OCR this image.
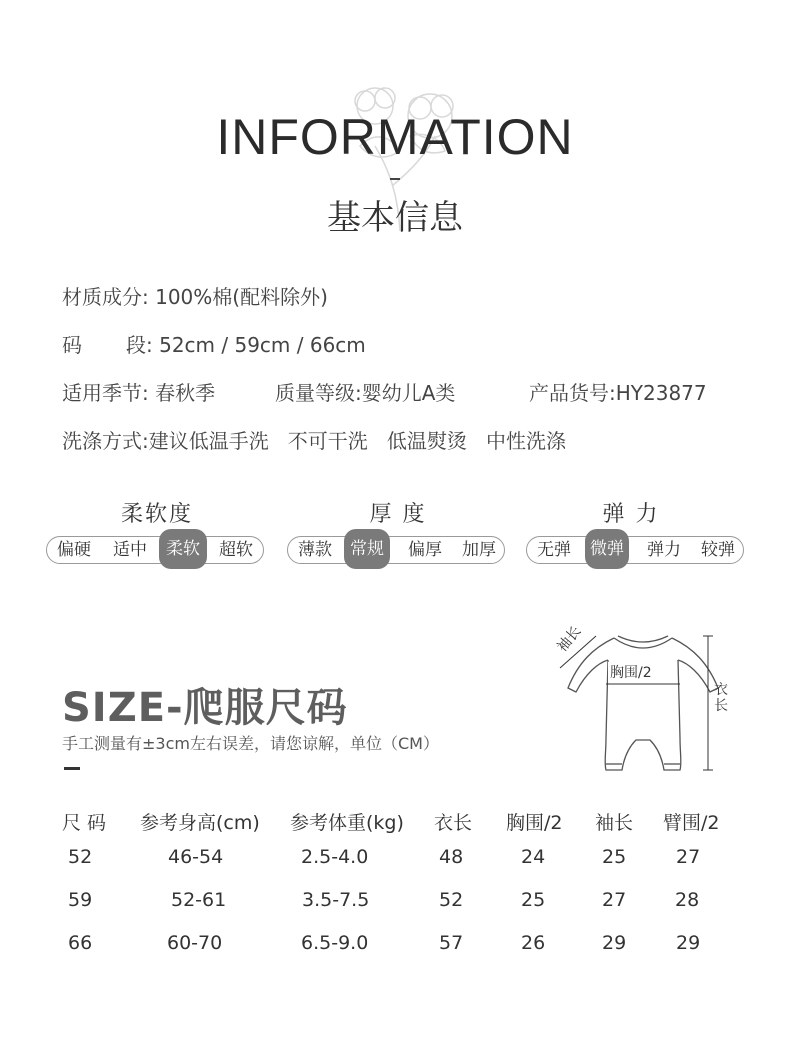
INFORMATION
基本信息
材质成分: 100%棉(配料除外)
码 段: 52cm / 59cm / 66cm
适用季节: 春秋季	质量等级:婴幼儿A类	产品货号:HY23877
洗涤方式:建议低温手洗   不可干洗   低温熨烫   中性洗涤
柔软度
偏硬	适中	柔软	超软
厚 度
薄款	常规	偏厚	加厚
弹 力
无弹	微弹	弹力	较弹
SIZE-爬服尺码
手工测量有±3cm左右误差，请您谅解，单位（CM）
袖长
胸围/2
衣长
尺 码 参考身高(cm) 参考体重(kg) 衣长 胸围/2 袖长 臂围/2
52	46-54	2.5-4.0	48	24	25	27
59	52-61	3.5-7.5	52	25	27	28
66	60-70	6.5-9.0	57	26	29	29
